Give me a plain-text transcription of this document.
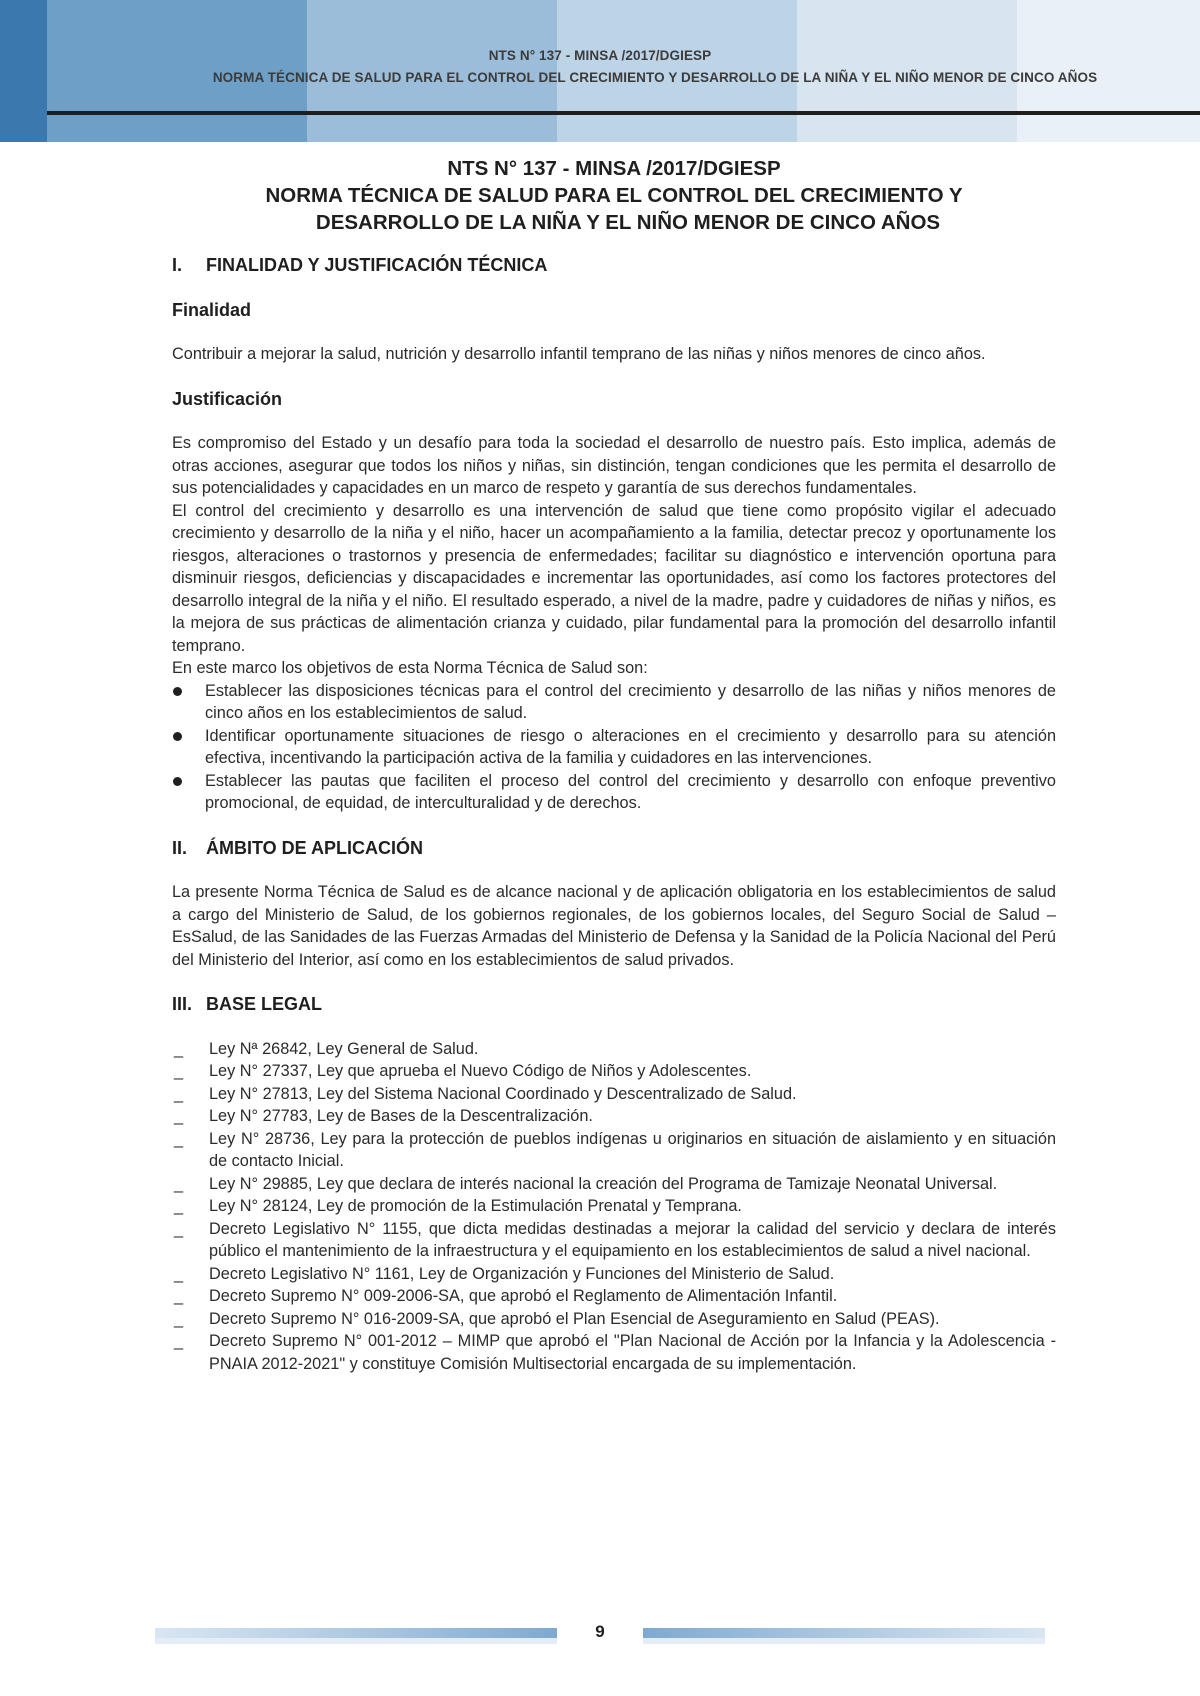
NTS N° 137 - MINSA /2017/DGIESP
NORMA TÉCNICA DE SALUD PARA EL CONTROL DEL CRECIMIENTO Y DESARROLLO DE LA NIÑA Y EL NIÑO MENOR DE CINCO AÑOS
NTS N° 137 - MINSA /2017/DGIESP
NORMA TÉCNICA DE SALUD PARA EL CONTROL DEL CRECIMIENTO Y
DESARROLLO DE LA NIÑA Y EL NIÑO MENOR DE CINCO AÑOS
I.	FINALIDAD Y JUSTIFICACIÓN TÉCNICA
Finalidad

Contribuir a mejorar la salud, nutrición y desarrollo infantil temprano de las niñas y niños menores de cinco años.

Justificación

Es compromiso del Estado y un desafío para toda la sociedad el desarrollo de nuestro país. Esto implica, además de otras acciones, asegurar que todos los niños y niñas, sin distinción, tengan condiciones que les permita el desarrollo de sus potencialidades y capacidades en un marco de respeto y garantía de sus derechos fundamentales.

El control del crecimiento y desarrollo es una intervención de salud que tiene como propósito vigilar el adecuado crecimiento y desarrollo de la niña y el niño, hacer un acompañamiento a la familia, detectar precoz y oportunamente los riesgos, alteraciones o trastornos y presencia de enfermedades; facilitar su diagnóstico e intervención oportuna para disminuir riesgos, deficiencias y discapacidades e incrementar las oportunidades, así como los factores protectores del desarrollo integral de la niña y el niño. El resultado esperado, a nivel de la madre, padre y cuidadores de niñas y niños, es la mejora de sus prácticas de alimentación crianza y cuidado, pilar fundamental para la promoción del desarrollo infantil temprano.

En este marco los objetivos de esta Norma Técnica de Salud son:

Establecer las disposiciones técnicas para el control del crecimiento y desarrollo de las niñas y niños menores de cinco años en los establecimientos de salud.
Identificar oportunamente situaciones de riesgo o alteraciones en el crecimiento y desarrollo para su atención efectiva, incentivando la participación activa de la familia y cuidadores en las intervenciones.
Establecer las pautas que faciliten el proceso del control del crecimiento y desarrollo con enfoque preventivo promocional, de equidad, de interculturalidad y de derechos.
II.	ÁMBITO DE APLICACIÓN

La presente Norma Técnica de Salud es de alcance nacional y de aplicación obligatoria en los establecimientos de salud a cargo del Ministerio de Salud, de los gobiernos regionales, de los gobiernos locales, del Seguro Social de Salud – EsSalud, de las Sanidades de las Fuerzas Armadas del Ministerio de Defensa y la Sanidad de la Policía Nacional del Perú del Ministerio del Interior, así como en los establecimientos de salud privados.

III. BASE LEGAL
_ Ley Nª 26842, Ley General de Salud.
_ Ley N° 27337, Ley que aprueba el Nuevo Código de Niños y Adolescentes.
_ Ley N° 27813, Ley del Sistema Nacional Coordinado y Descentralizado de Salud.
_ Ley N° 27783, Ley de Bases de la Descentralización.
_ Ley N° 28736, Ley para la protección de pueblos indígenas u originarios en situación de aislamiento y en situación de contacto Inicial.
_ Ley N° 29885, Ley que declara de interés nacional la creación del Programa de Tamizaje Neonatal Universal.
_ Ley N° 28124, Ley de promoción de la Estimulación Prenatal y Temprana.
_ Decreto Legislativo N° 1155, que dicta medidas destinadas a mejorar la calidad del servicio y declara de interés público el mantenimiento de la infraestructura y el equipamiento en los establecimientos de salud a nivel nacional.
_ Decreto Legislativo N° 1161, Ley de Organización y Funciones del Ministerio de Salud.
_ Decreto Supremo N° 009-2006-SA, que aprobó el Reglamento de Alimentación Infantil.
_ Decreto Supremo N° 016-2009-SA, que aprobó el Plan Esencial de Aseguramiento en Salud (PEAS).
_ Decreto Supremo N° 001-2012 – MIMP que aprobó el "Plan Nacional de Acción por la Infancia y la Adolescencia - PNAIA 2012-2021" y constituye Comisión Multisectorial encargada de su implementación.
9
